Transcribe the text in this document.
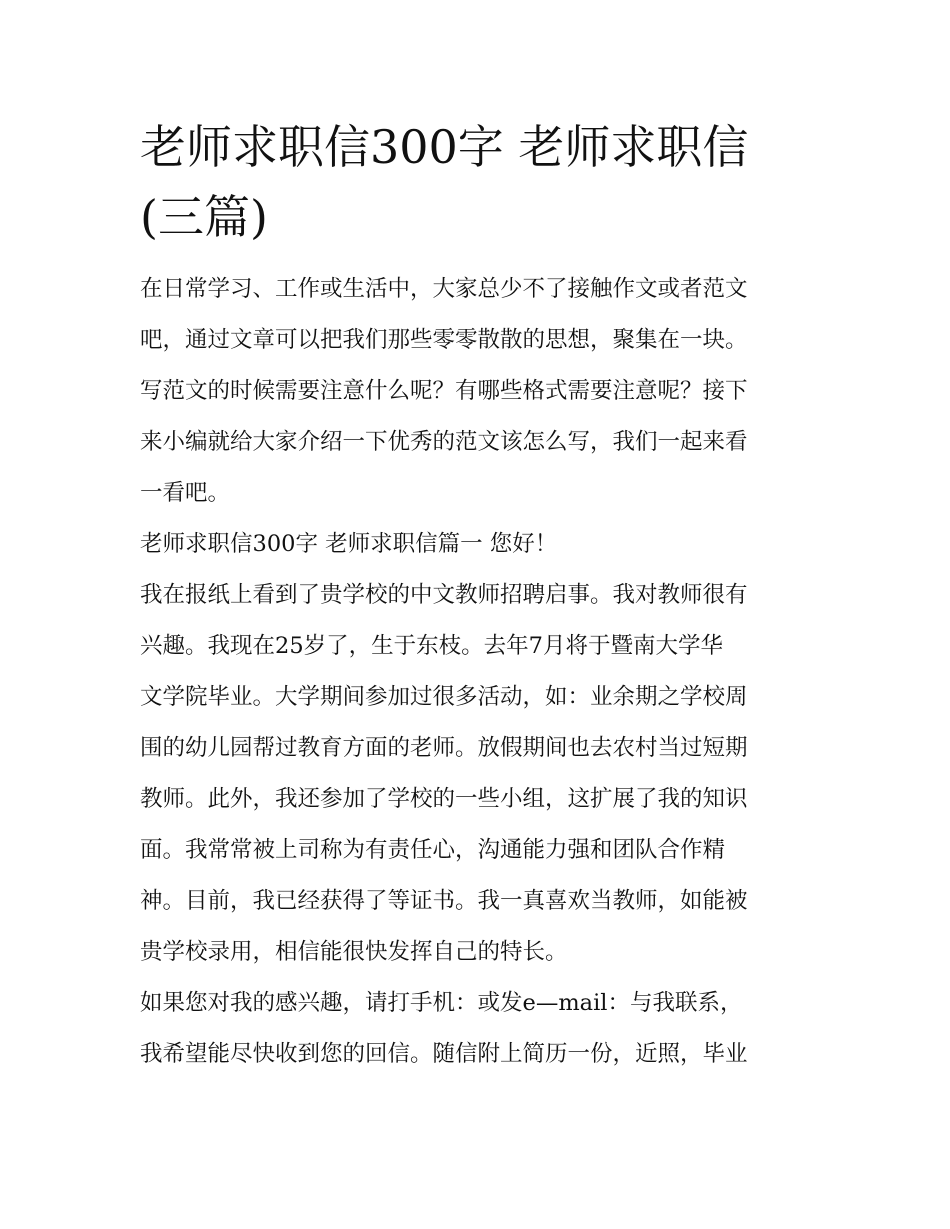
老师求职信300字 老师求职信
(三篇)

在日常学习、工作或生活中，大家总少不了接触作文或者范文
吧，通过文章可以把我们那些零零散散的思想，聚集在一块。
写范文的时候需要注意什么呢？有哪些格式需要注意呢？接下
来小编就给大家介绍一下优秀的范文该怎么写，我们一起来看
一看吧。

老师求职信300字 老师求职信篇一 您好！

我在报纸上看到了贵学校的中文教师招聘启事。我对教师很有
兴趣。我现在25岁了，生于东枝。去年7月将于暨南大学华
文学院毕业。大学期间参加过很多活动，如：业余期之学校周
围的幼儿园帮过教育方面的老师。放假期间也去农村当过短期
教师。此外，我还参加了学校的一些小组，这扩展了我的知识
面。我常常被上司称为有责任心，沟通能力强和团队合作精
神。目前，我已经获得了等证书。我一真喜欢当教师，如能被
贵学校录用，相信能很快发挥自己的特长。

如果您对我的感兴趣，请打手机：或发e—mail：与我联系，
我希望能尽快收到您的回信。随信附上简历一份，近照，毕业
